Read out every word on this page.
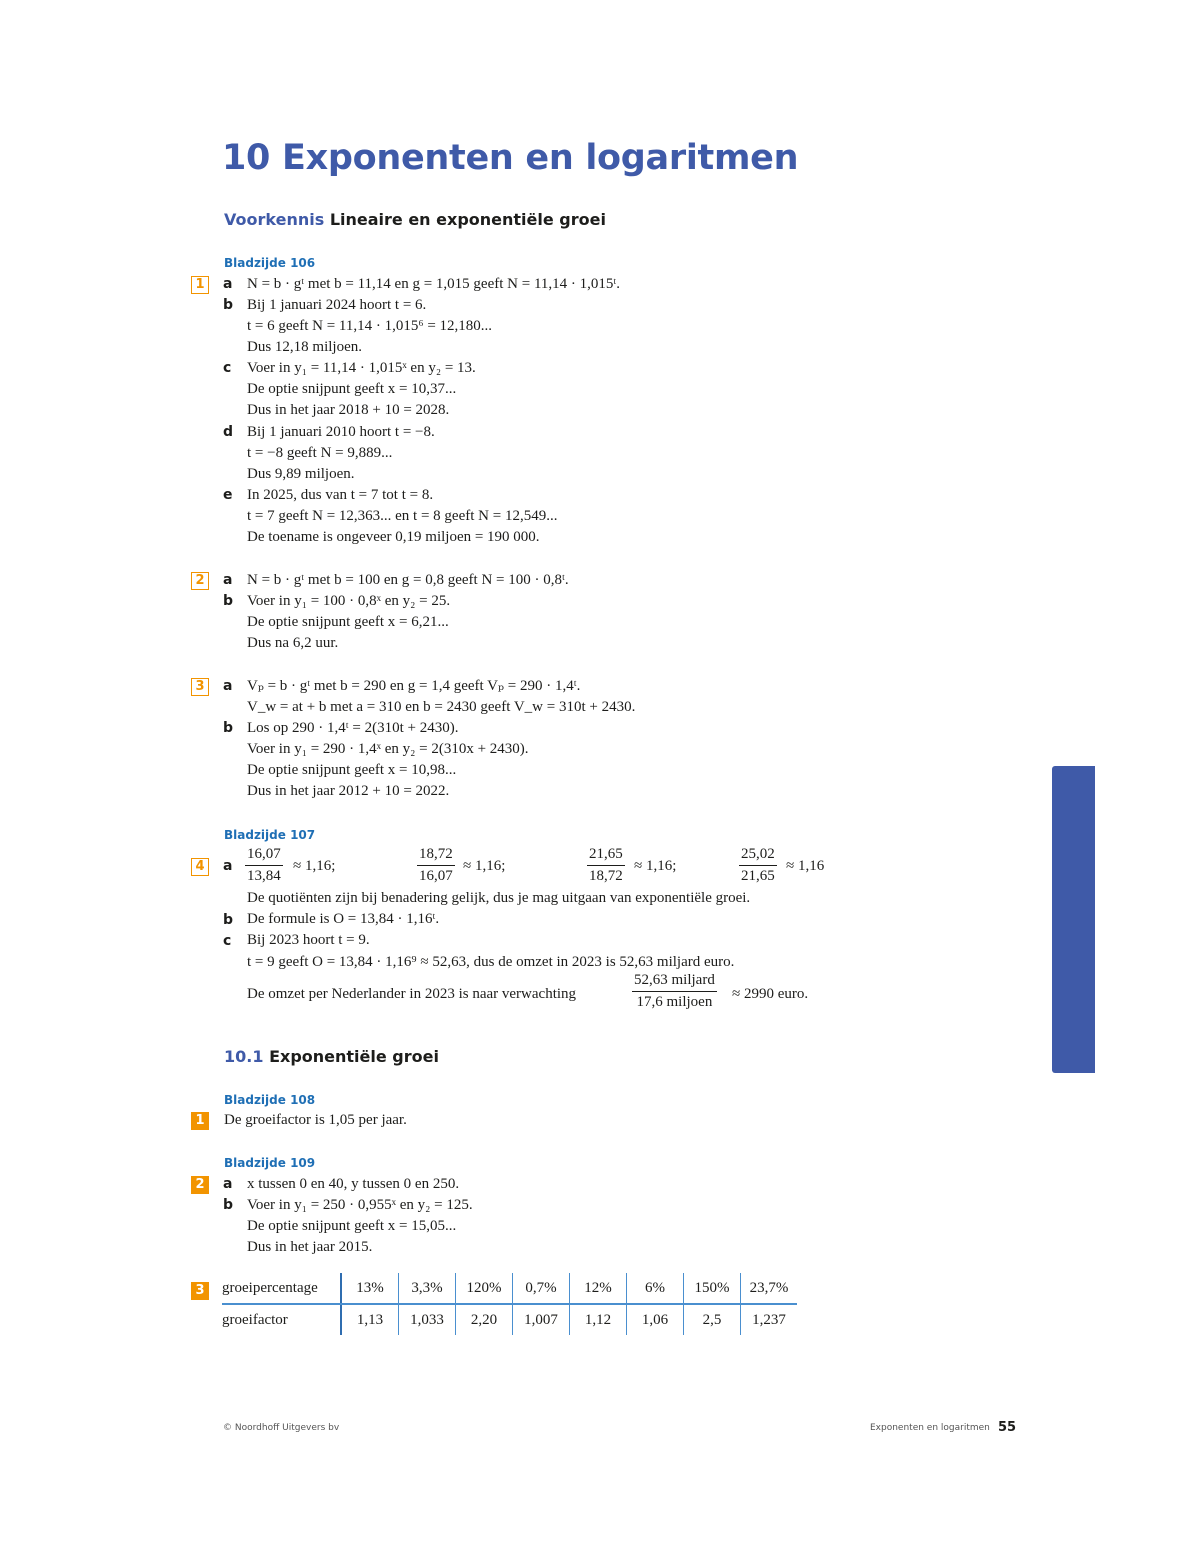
10 Exponenten en logaritmen
Voorkennis Lineaire en exponentiële groei
Bladzijde 106
1	a N = b · gᵗ met b = 11,14 en g = 1,015 geeft N = 11,14 · 1,015ᵗ.
b Bij 1 januari 2024 hoort t = 6.
t = 6 geeft N = 11,14 · 1,015⁶ = 12,180...
Dus 12,18 miljoen.
c Voer in y₁ = 11,14 · 1,015ˣ en y₂ = 13.
De optie snijpunt geeft x = 10,37...
Dus in het jaar 2018 + 10 = 2028.
d Bij 1 januari 2010 hoort t = −8.
t = −8 geeft N = 9,889...
Dus 9,89 miljoen.
e In 2025, dus van t = 7 tot t = 8.
t = 7 geeft N = 12,363... en t = 8 geeft N = 12,549...
De toename is ongeveer 0,19 miljoen = 190 000.
2	a N = b · gᵗ met b = 100 en g = 0,8 geeft N = 100 · 0,8ᵗ.
b Voer in y₁ = 100 · 0,8ˣ en y₂ = 25.
De optie snijpunt geeft x = 6,21...
Dus na 6,2 uur.
3	a Vₚ = b · gᵗ met b = 290 en g = 1,4 geeft Vₚ = 290 · 1,4ᵗ.
V_w = at + b met a = 310 en b = 2430 geeft V_w = 310t + 2430.
b Los op 290 · 1,4ᵗ = 2(310t + 2430).
Voer in y₁ = 290 · 1,4ˣ en y₂ = 2(310x + 2430).
De optie snijpunt geeft x = 10,98...
Dus in het jaar 2012 + 10 = 2022.
Bladzijde 107
4	a $\frac{16,07}{13,84} \approx 1,16$;	$\frac{18,72}{16,07} \approx 1,16$;	$\frac{21,65}{18,72} \approx 1,16$;	$\frac{25,02}{21,65} \approx 1,16$
De quotiënten zijn bij benadering gelijk, dus je mag uitgaan van exponentiële groei.
b De formule is O = 13,84 · 1,16ᵗ.
c Bij 2023 hoort t = 9.
t = 9 geeft O = 13,84 · 1,16⁹ ≈ 52,63, dus de omzet in 2023 is 52,63 miljard euro.
De omzet per Nederlander in 2023 is naar verwachting
52,63 miljard
17,6 miljoen	≈ 2990 euro.
10.1 Exponentiële groei
Bladzijde 108
1 De groeifactor is 1,05 per jaar.
Bladzijde 109
2	a x tussen 0 en 40, y tussen 0 en 250.
b Voer in y₁ = 250 · 0,955ˣ en y₂ = 125.
De optie snijpunt geeft x = 15,05...
Dus in het jaar 2015.
3 groeipercentage	13%	3,3%	120%	0,7%	12%	6%	150%	23,7%
groeifactor	1,13	1,033	2,20	1,007	1,12	1,06	2,5	1,237
© Noordhoff Uitgevers bv	Exponenten en logaritmen 55
